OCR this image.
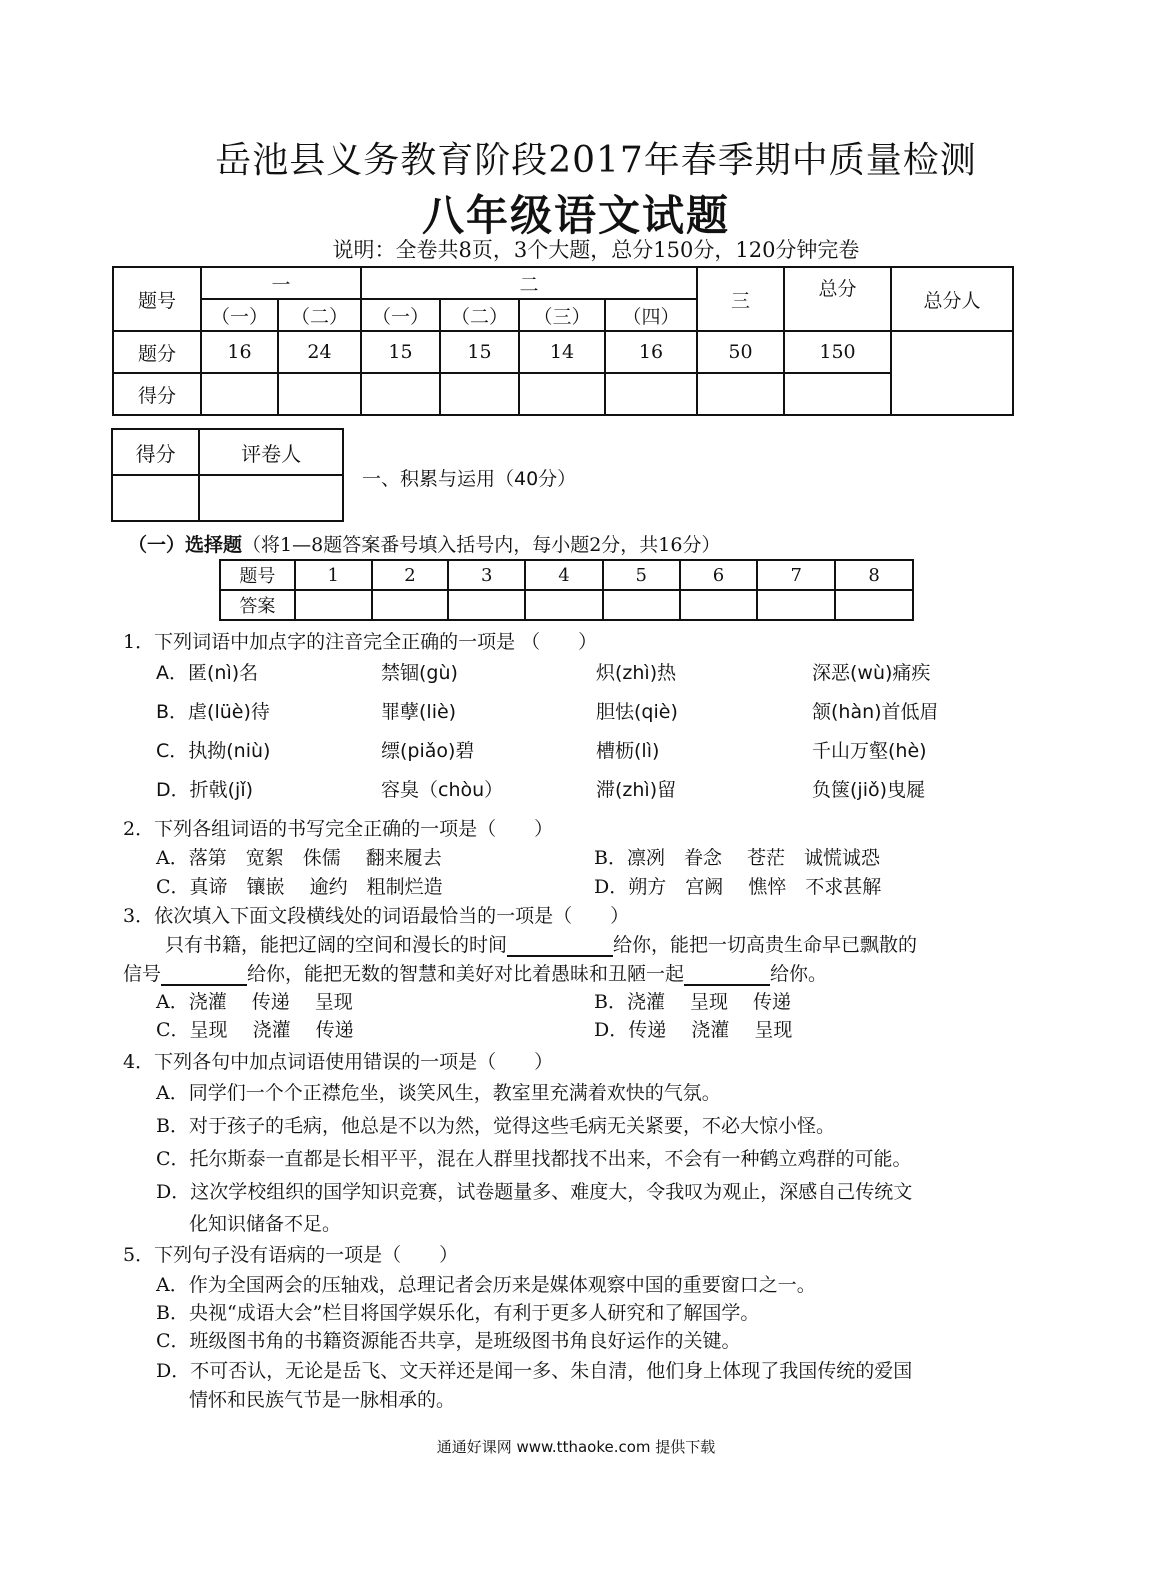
岳池县义务教育阶段2017年春季期中质量检测
八年级语文试题
说明：全卷共8页，3个大题，总分150分，120分钟完卷
题号	一		二				三	总分	总分人
	（一）	（二）	（一）	（二）	（三）	（四）			
题分	16	24	15	15	14	16	50	150	
得分									
得分	评卷人

一、积累与运用（40分）
（一）选择题（将1—8题答案番号填入括号内，每小题2分，共16分）
题号	1	2	3	4	5	6	7	8
答案								
1．下列词语中加点字的注音完全正确的一项是 （　　）
A．匿(nì)名	禁锢(gù)	炽(zhì)热	深恶(wù)痛疾
B．虐(lüè)待	罪孽(liè)	胆怯(qiè)	颔(hàn)首低眉
C．执拗(niù)	缥(piǎo)碧	槽枥(lì)	千山万壑(hè)
D．折戟(jǐ)	容臭（chòu）	滞(zhì)留	负箧(jiǒ)曳屣
2．下列各组词语的书写完全正确的一项是（　　）
A．落第　宽絮　侏儒　 翻来履去	B．凛冽　眷念　 苍茫　诚慌诚恐
C．真谛　镶嵌　 逾约　粗制烂造	D．朔方　宫阙　 憔悴　不求甚解
3．依次填入下面文段横线处的词语最恰当的一项是（　　）
只有书籍，能把辽阔的空间和漫长的时间	给你，能把一切高贵生命早已飘散的
信号	给你，能把无数的智慧和美好对比着愚昧和丑陋一起	给你。
A．浇灌　 传递　 呈现	B．浇灌　 呈现　 传递
C．呈现　 浇灌　 传递	D．传递　 浇灌　 呈现
4．下列各句中加点词语使用错误的一项是（　　）
A．同学们一个个正襟危坐，谈笑风生，教室里充满着欢快的气氛。
B．对于孩子的毛病，他总是不以为然，觉得这些毛病无关紧要，不必大惊小怪。
C．托尔斯泰一直都是长相平平，混在人群里找都找不出来，不会有一种鹤立鸡群的可能。
D．这次学校组织的国学知识竞赛，试卷题量多、难度大，令我叹为观止，深感自己传统文
化知识储备不足。
5．下列句子没有语病的一项是（　　）
A．作为全国两会的压轴戏，总理记者会历来是媒体观察中国的重要窗口之一。
B．央视“成语大会”栏目将国学娱乐化，有利于更多人研究和了解国学。
C．班级图书角的书籍资源能否共享，是班级图书角良好运作的关键。
D．不可否认，无论是岳飞、文天祥还是闻一多、朱自清，他们身上体现了我国传统的爱国
情怀和民族气节是一脉相承的。
通通好课网 www.tthaoke.com 提供下载
